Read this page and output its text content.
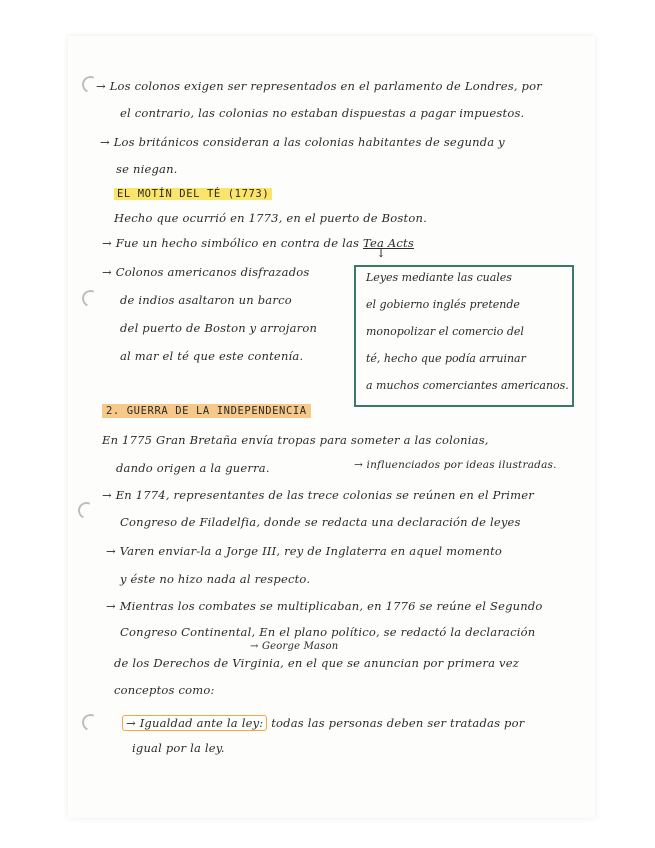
→ Los colonos exigen ser representados en el parlamento de Londres, por
el contrario, las colonias no estaban dispuestas a pagar impuestos.
→ Los británicos consideran a las colonias habitantes de segunda y
se niegan.
EL MOTÍN DEL TÉ (1773)
Hecho que ocurrió en 1773, en el puerto de Boston.
→ Fue un hecho simbólico en contra de las Tea Acts
↓
→ Colonos americanos disfrazados
de indios asaltaron un barco
del puerto de Boston y arrojaron
al mar el té que este contenía.
Leyes mediante las cuales
el gobierno inglés pretende
monopolizar el comercio del
té, hecho que podía arruinar
a muchos comerciantes americanos.
2. GUERRA DE LA INDEPENDENCIA
En 1775 Gran Bretaña envía tropas para someter a las colonias,
dando origen a la guerra.	→ influenciados por ideas ilustradas.
→ En 1774, representantes de las trece colonias se reúnen en el Primer
Congreso de Filadelfia, donde se redacta una declaración de leyes
→ Varen enviar-la a Jorge III, rey de Inglaterra en aquel momento
y éste no hizo nada al respecto.
→ Mientras los combates se multiplicaban, en 1776 se reúne el Segundo
Congreso Continental, En el plano político, se redactó la declaración
→ George Mason
de los Derechos de Virginia, en el que se anuncian por primera vez
conceptos como:
→ Igualdad ante la ley: todas las personas deben ser tratadas por
igual por la ley.
